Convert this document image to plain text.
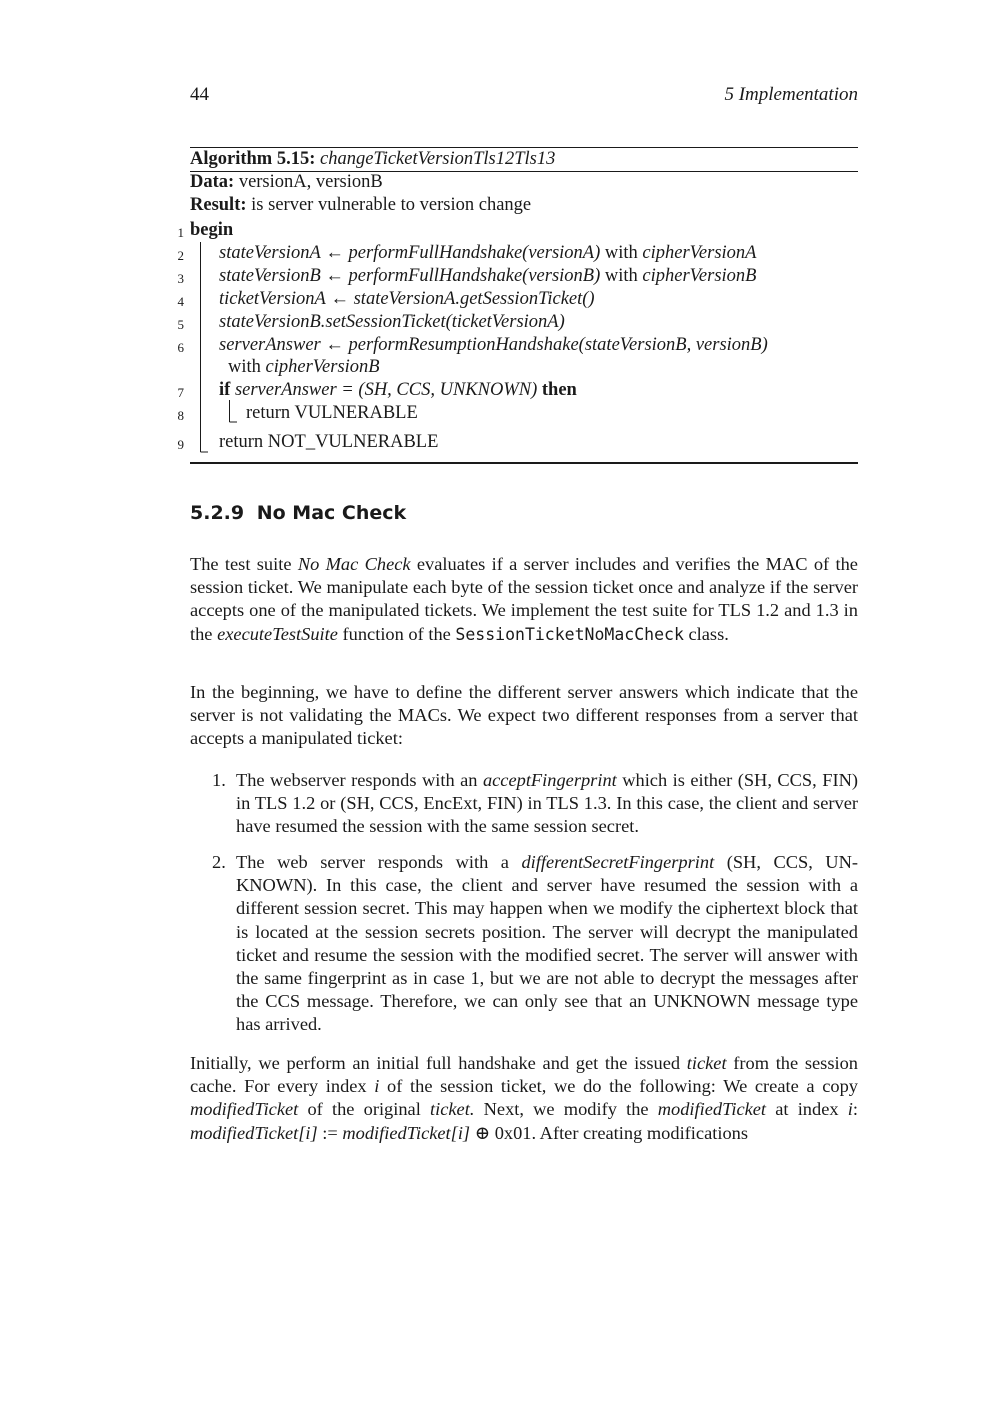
44	5 Implementation
Algorithm 5.15: changeTicketVersionTls12Tls13
Data: versionA, versionB
Result: is server vulnerable to version change
1 begin
2 stateVersionA ← performFullHandshake(versionA) with cipherVersionA
3 stateVersionB ← performFullHandshake(versionB) with cipherVersionB
4 ticketVersionA ← stateVersionA.getSessionTicket()
5 stateVersionB.setSessionTicket(ticketVersionA)
6 serverAnswer ← performResumptionHandshake(stateVersionB, versionB)
with cipherVersionB
7 if serverAnswer = (SH, CCS, UNKNOWN) then
8	return VULNERABLE
9 return NOT_VULNERABLE
5.2.9 No Mac Check
The test suite No Mac Check evaluates if a server includes and verifies the MAC of the session ticket. We manipulate each byte of the session ticket once and analyze if the server accepts one of the manipulated tickets. We implement the test suite for TLS 1.2 and 1.3 in the executeTestSuite function of the SessionTicketNoMacCheck class.
In the beginning, we have to define the different server answers which indicate that the server is not validating the MACs. We expect two different responses from a server that accepts a manipulated ticket:
1. The webserver responds with an acceptFingerprint which is either (SH, CCS, FIN) in TLS 1.2 or (SH, CCS, EncExt, FIN) in TLS 1.3. In this case, the client and server have resumed the session with the same session secret.
2. The web server responds with a differentSecretFingerprint (SH, CCS, UNKNOWN). In this case, the client and server have resumed the session with a different session secret. This may happen when we modify the ciphertext block that is located at the session secrets position. The server will decrypt the manipulated ticket and resume the session with the modified secret. The server will answer with the same fingerprint as in case 1, but we are not able to decrypt the messages after the CCS message. Therefore, we can only see that an UNKNOWN message type has arrived.
Initially, we perform an initial full handshake and get the issued ticket from the session cache. For every index i of the session ticket, we do the following: We create a copy modifiedTicket of the original ticket. Next, we modify the modifiedTicket at index i: modifiedTicket[i] := modifiedTicket[i] ⊕ 0x01. After creating modifications
